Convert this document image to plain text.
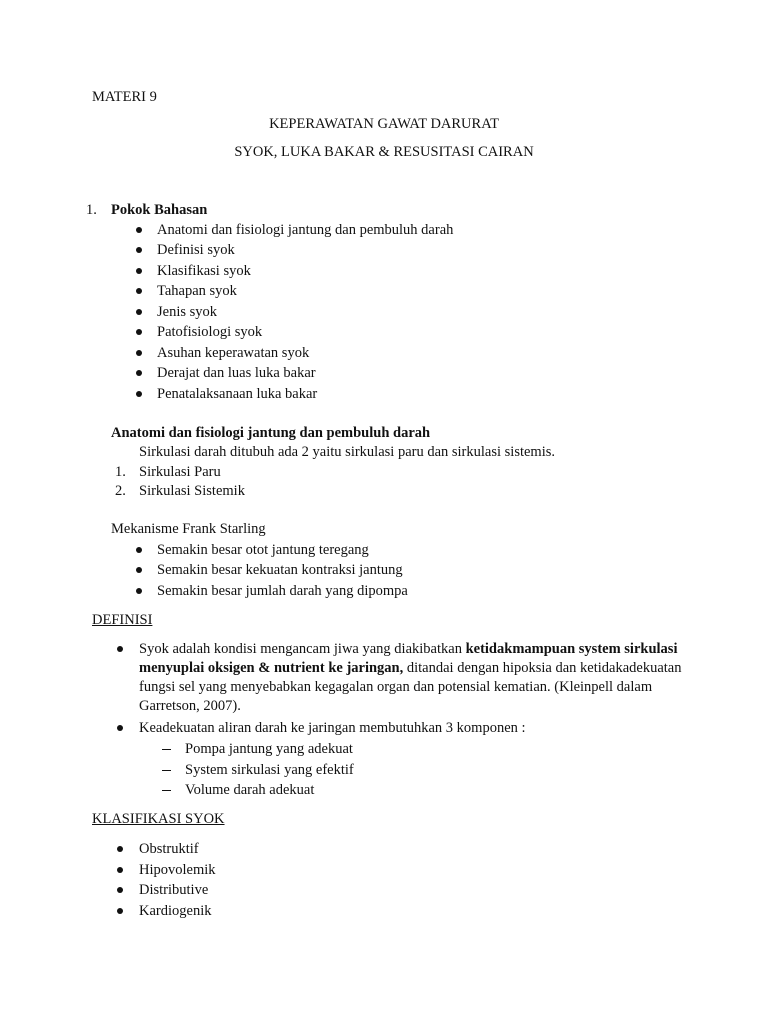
MATERI 9
KEPERAWATAN GAWAT DARURAT
SYOK, LUKA BAKAR & RESUSITASI CAIRAN
1. Pokok Bahasan
Anatomi dan fisiologi jantung dan pembuluh darah
Definisi syok
Klasifikasi syok
Tahapan syok
Jenis syok
Patofisiologi syok
Asuhan keperawatan syok
Derajat dan luas luka bakar
Penatalaksanaan luka bakar
Anatomi dan fisiologi jantung dan pembuluh darah
Sirkulasi darah ditubuh ada 2 yaitu sirkulasi paru dan sirkulasi sistemis.
1. Sirkulasi Paru
2. Sirkulasi Sistemik
Mekanisme Frank Starling
Semakin besar otot jantung teregang
Semakin besar kekuatan kontraksi jantung
Semakin besar jumlah darah yang dipompa
DEFINISI
Syok adalah kondisi mengancam jiwa yang diakibatkan ketidakmampuan system sirkulasi menyuplai oksigen & nutrient ke jaringan, ditandai dengan hipoksia dan ketidakadekuatan fungsi sel yang menyebabkan kegagalan organ dan potensial kematian. (Kleinpell dalam Garretson, 2007).
Keadekuatan aliran darah ke jaringan membutuhkan 3 komponen :
Pompa jantung yang adekuat
System sirkulasi yang efektif
Volume darah adekuat
KLASIFIKASI SYOK
Obstruktif
Hipovolemik
Distributive
Kardiogenik
